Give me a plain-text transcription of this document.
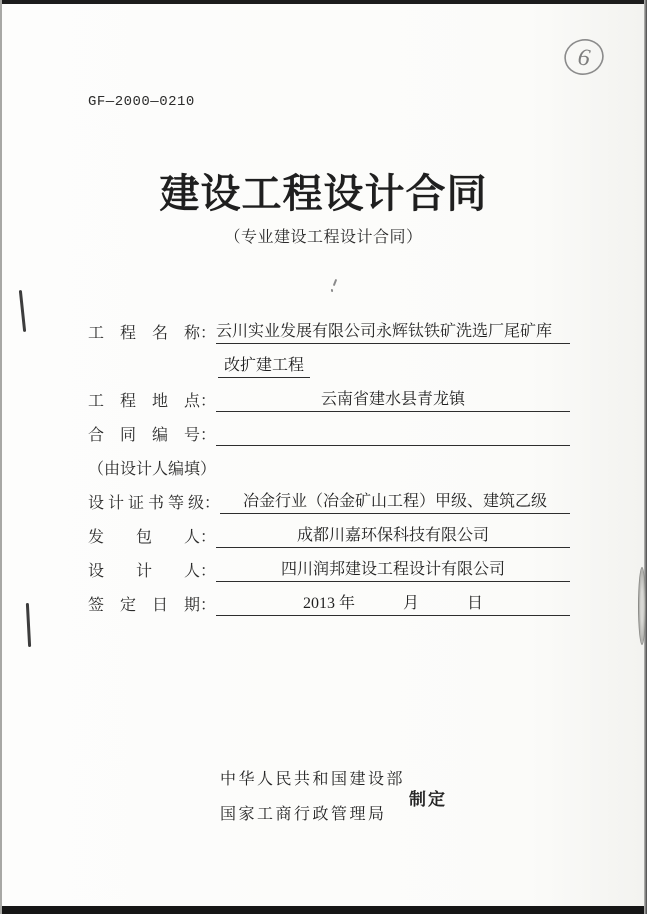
GF—2000—0210
6
建设工程设计合同
（专业建设工程设计合同）
工　程　名　称： 云川实业发展有限公司永辉钛铁矿洗选厂尾矿库
改扩建工程
工　程　地　点：	云南省建水县青龙镇
合　同　编　号：
（由设计人编填）
设 计 证 书 等 级：	冶金行业（冶金矿山工程）甲级、建筑乙级
发　　包　　人：	成都川嘉环保科技有限公司
设　　计　　人：	四川润邦建设工程设计有限公司
签　定　日　期：	2013 年　　　月　　　日
中华人民共和国建设部
国家工商行政管理局
制定
